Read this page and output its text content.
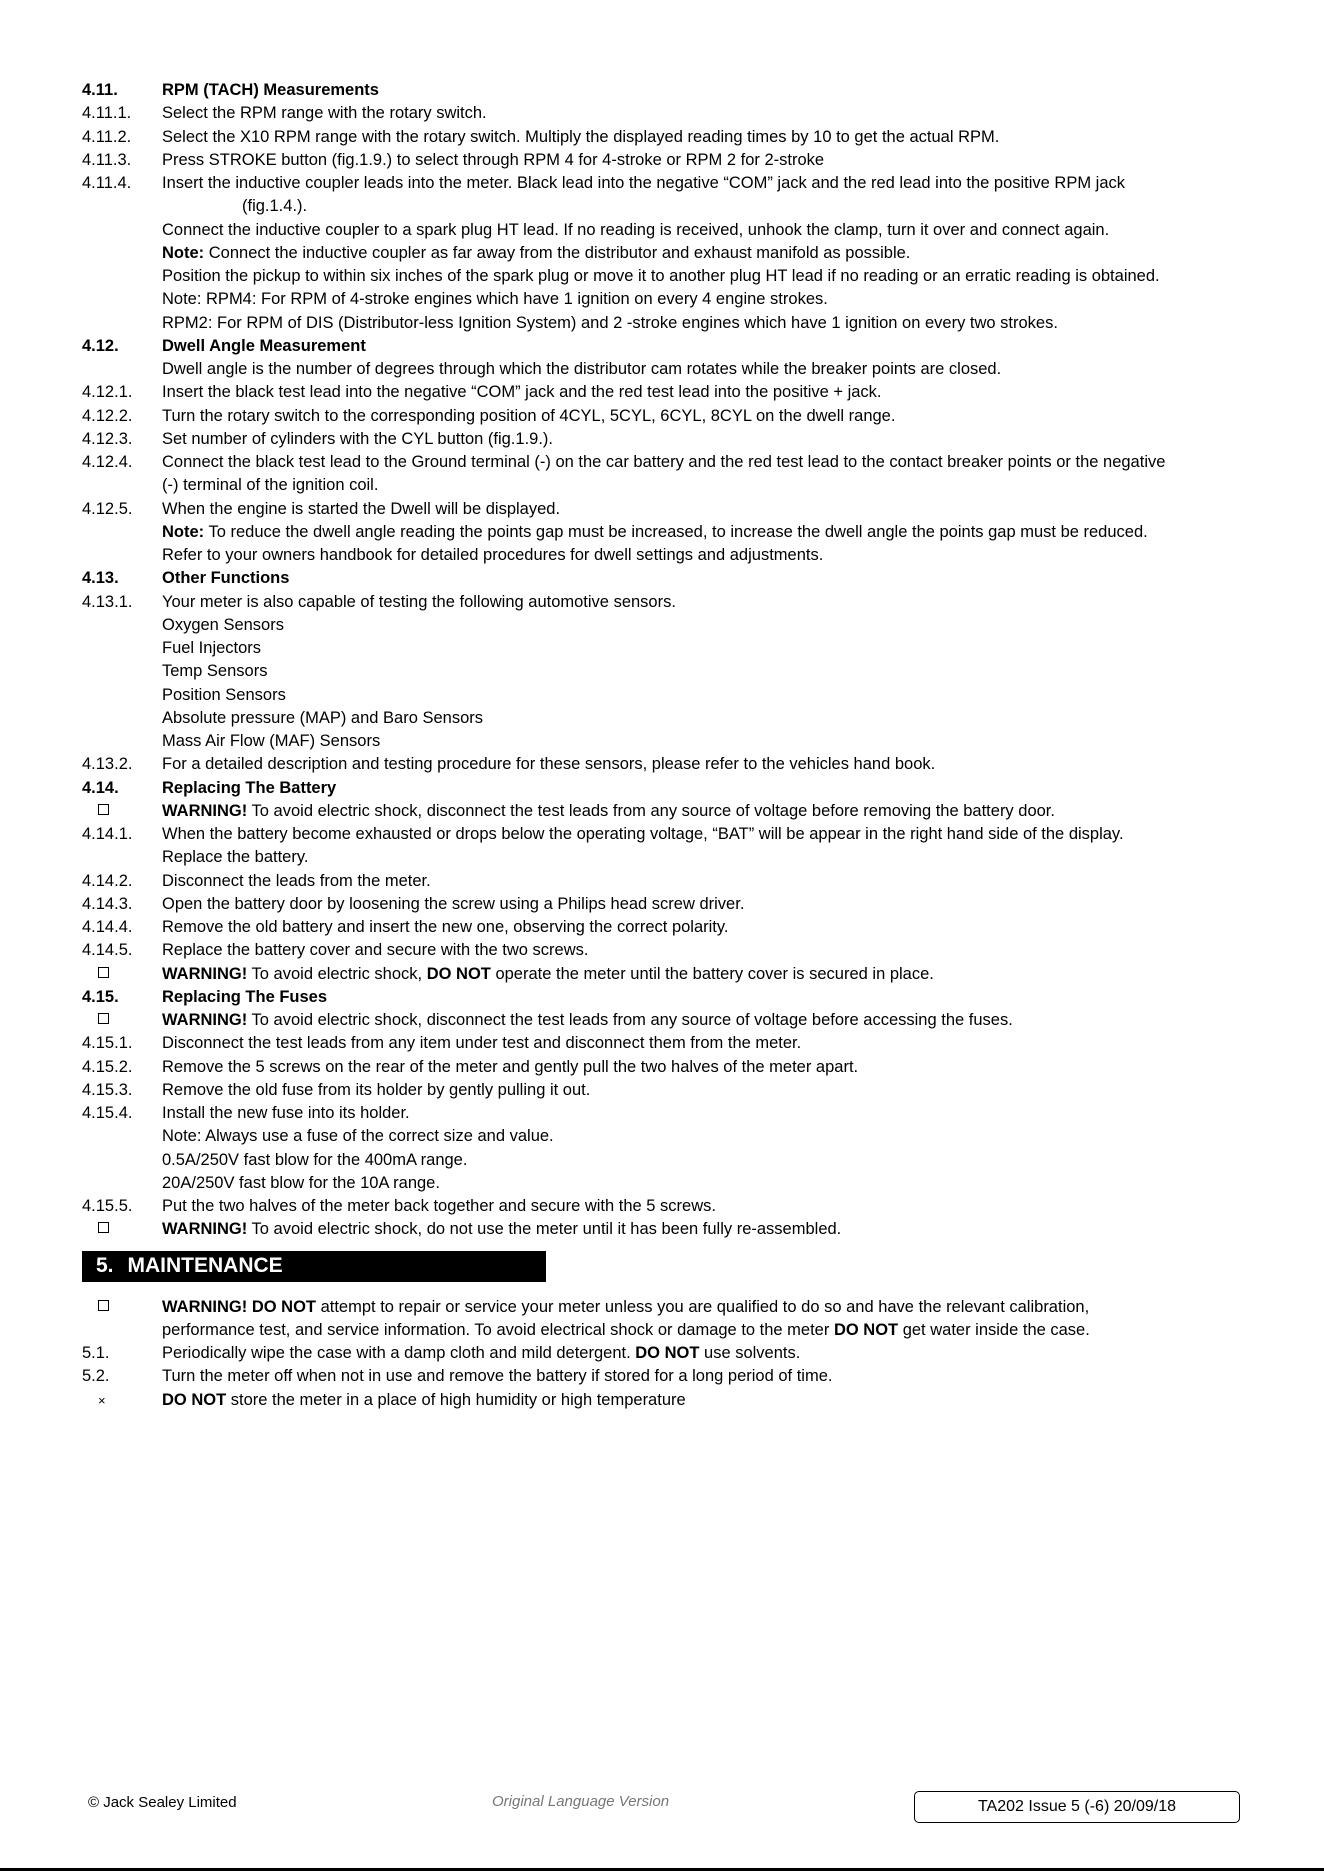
4.11.	RPM (TACH) Measurements
4.11.1.	Select the RPM range with the rotary switch.
4.11.2.	Select the X10 RPM range with the rotary switch. Multiply the displayed reading times by 10 to get the actual RPM.
4.11.3.	Press STROKE button (fig.1.9.) to select through RPM 4 for 4-stroke or RPM 2 for 2-stroke
4.11.4.	Insert the inductive coupler leads into the meter. Black lead into the negative “COM” jack and the red lead into the positive RPM jack
(fig.1.4.).
Connect the inductive coupler to a spark plug HT lead. If no reading is received, unhook the clamp, turn it over and connect again.
Note: Connect the inductive coupler as far away from the distributor and exhaust manifold as possible.
Position the pickup to within six inches of the spark plug or move it to another plug HT lead if no reading or an erratic reading is obtained.
Note: RPM4: For RPM of 4-stroke engines which have 1 ignition on every 4 engine strokes.
RPM2: For RPM of DIS (Distributor-less Ignition System) and 2 -stroke engines which have 1 ignition on every two strokes.
4.12.	Dwell Angle Measurement
Dwell angle is the number of degrees through which the distributor cam rotates while the breaker points are closed.
4.12.1.	Insert the black test lead into the negative “COM” jack and the red test lead into the positive + jack.
4.12.2.	Turn the rotary switch to the corresponding position of 4CYL, 5CYL, 6CYL, 8CYL on the dwell range.
4.12.3.	Set number of cylinders with the CYL button (fig.1.9.).
4.12.4.	Connect the black test lead to the Ground terminal (-) on the car battery and the red test lead to the contact breaker points or the negative
(-) terminal of the ignition coil.
4.12.5.	When the engine is started the Dwell will be displayed.
Note: To reduce the dwell angle reading the points gap must be increased, to increase the dwell angle the points gap must be reduced.
Refer to your owners handbook for detailed procedures for dwell settings and adjustments.
4.13.	Other Functions
4.13.1.	Your meter is also capable of testing the following automotive sensors.
Oxygen Sensors
Fuel Injectors
Temp Sensors
Position Sensors
Absolute pressure (MAP) and Baro Sensors
Mass Air Flow (MAF) Sensors
4.13.2.	For a detailed description and testing procedure for these sensors, please refer to the vehicles hand book.
4.14.	Replacing The Battery
WARNING! To avoid electric shock, disconnect the test leads from any source of voltage before removing the battery door.
4.14.1.	When the battery become exhausted or drops below the operating voltage, “BAT” will be appear in the right hand side of the display.
Replace the battery.
4.14.2.	Disconnect the leads from the meter.
4.14.3.	Open the battery door by loosening the screw using a Philips head screw driver.
4.14.4.	Remove the old battery and insert the new one, observing the correct polarity.
4.14.5.	Replace the battery cover and secure with the two screws.
WARNING! To avoid electric shock, DO NOT operate the meter until the battery cover is secured in place.
4.15.	Replacing The Fuses
WARNING! To avoid electric shock, disconnect the test leads from any source of voltage before accessing the fuses.
4.15.1.	Disconnect the test leads from any item under test and disconnect them from the meter.
4.15.2.	Remove the 5 screws on the rear of the meter and gently pull the two halves of the meter apart.
4.15.3.	Remove the old fuse from its holder by gently pulling it out.
4.15.4.	Install the new fuse into its holder.
Note: Always use a fuse of the correct size and value.
0.5A/250V fast blow for the 400mA range.
20A/250V fast blow for the 10A range.
4.15.5.	Put the two halves of the meter back together and secure with the 5 screws.
WARNING! To avoid electric shock, do not use the meter until it has been fully re-assembled.
5. MAINTENANCE
WARNING! DO NOT attempt to repair or service your meter unless you are qualified to do so and have the relevant calibration,
performance test, and service information. To avoid electrical shock or damage to the meter DO NOT get water inside the case.
5.1.	Periodically wipe the case with a damp cloth and mild detergent. DO NOT use solvents.
5.2.	Turn the meter off when not in use and remove the battery if stored for a long period of time.
×	DO NOT store the meter in a place of high humidity or high temperature
© Jack Sealey Limited	Original Language Version	TA202 Issue 5 (-6) 20/09/18
